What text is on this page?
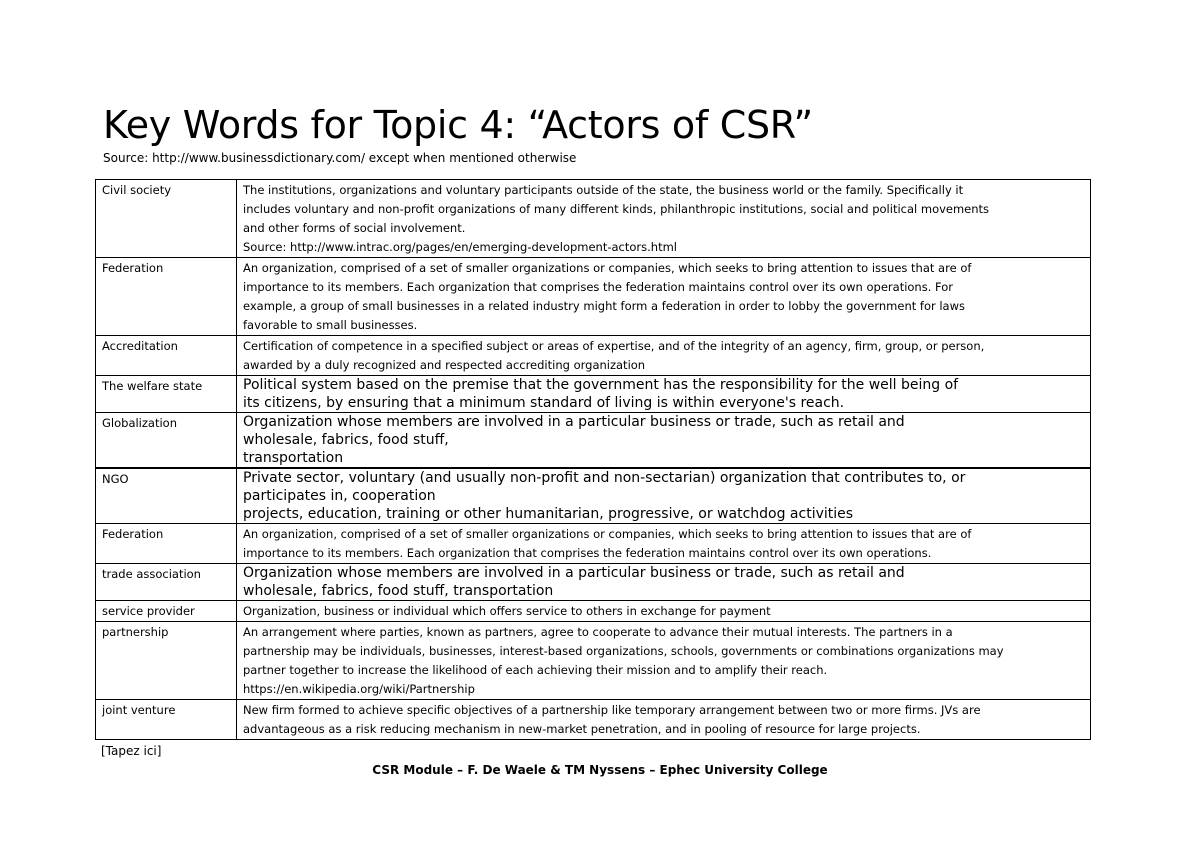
Key Words for Topic 4: “Actors of CSR”
Source: http://www.businessdictionary.com/ except when mentioned otherwise
Civil society	The institutions, organizations and voluntary participants outside of the state, the business world or the family. Specifically it
includes voluntary and non-profit organizations of many different kinds, philanthropic institutions, social and political movements
and other forms of social involvement.
Source: http://www.intrac.org/pages/en/emerging-development-actors.html

Federation	An organization, comprised of a set of smaller organizations or companies, which seeks to bring attention to issues that are of
importance to its members. Each organization that comprises the federation maintains control over its own operations. For
example, a group of small businesses in a related industry might form a federation in order to lobby the government for laws
favorable to small businesses.

Accreditation	Certification of competence in a specified subject or areas of expertise, and of the integrity of an agency, firm, group, or person,
awarded by a duly recognized and respected accrediting organization

The welfare state	Political system based on the premise that the government has the responsibility for the well being of
its citizens, by ensuring that a minimum standard of living is within everyone's reach.

Globalization	Organization whose members are involved in a particular business or trade, such as retail and
wholesale, fabrics, food stuff,
transportation

NGO	Private sector, voluntary (and usually non-profit and non-sectarian) organization that contributes to, or
participates in, cooperation
projects, education, training or other humanitarian, progressive, or watchdog activities

Federation	An organization, comprised of a set of smaller organizations or companies, which seeks to bring attention to issues that are of
importance to its members. Each organization that comprises the federation maintains control over its own operations.

trade association	Organization whose members are involved in a particular business or trade, such as retail and
wholesale, fabrics, food stuff, transportation

service provider	Organization, business or individual which offers service to others in exchange for payment

partnership	An arrangement where parties, known as partners, agree to cooperate to advance their mutual interests. The partners in a
partnership may be individuals, businesses, interest-based organizations, schools, governments or combinations organizations may
partner together to increase the likelihood of each achieving their mission and to amplify their reach.
https://en.wikipedia.org/wiki/Partnership

joint venture	New firm formed to achieve specific objectives of a partnership like temporary arrangement between two or more firms. JVs are
advantageous as a risk reducing mechanism in new-market penetration, and in pooling of resource for large projects.
[Tapez ici]
CSR Module – F. De Waele & TM Nyssens – Ephec University College
